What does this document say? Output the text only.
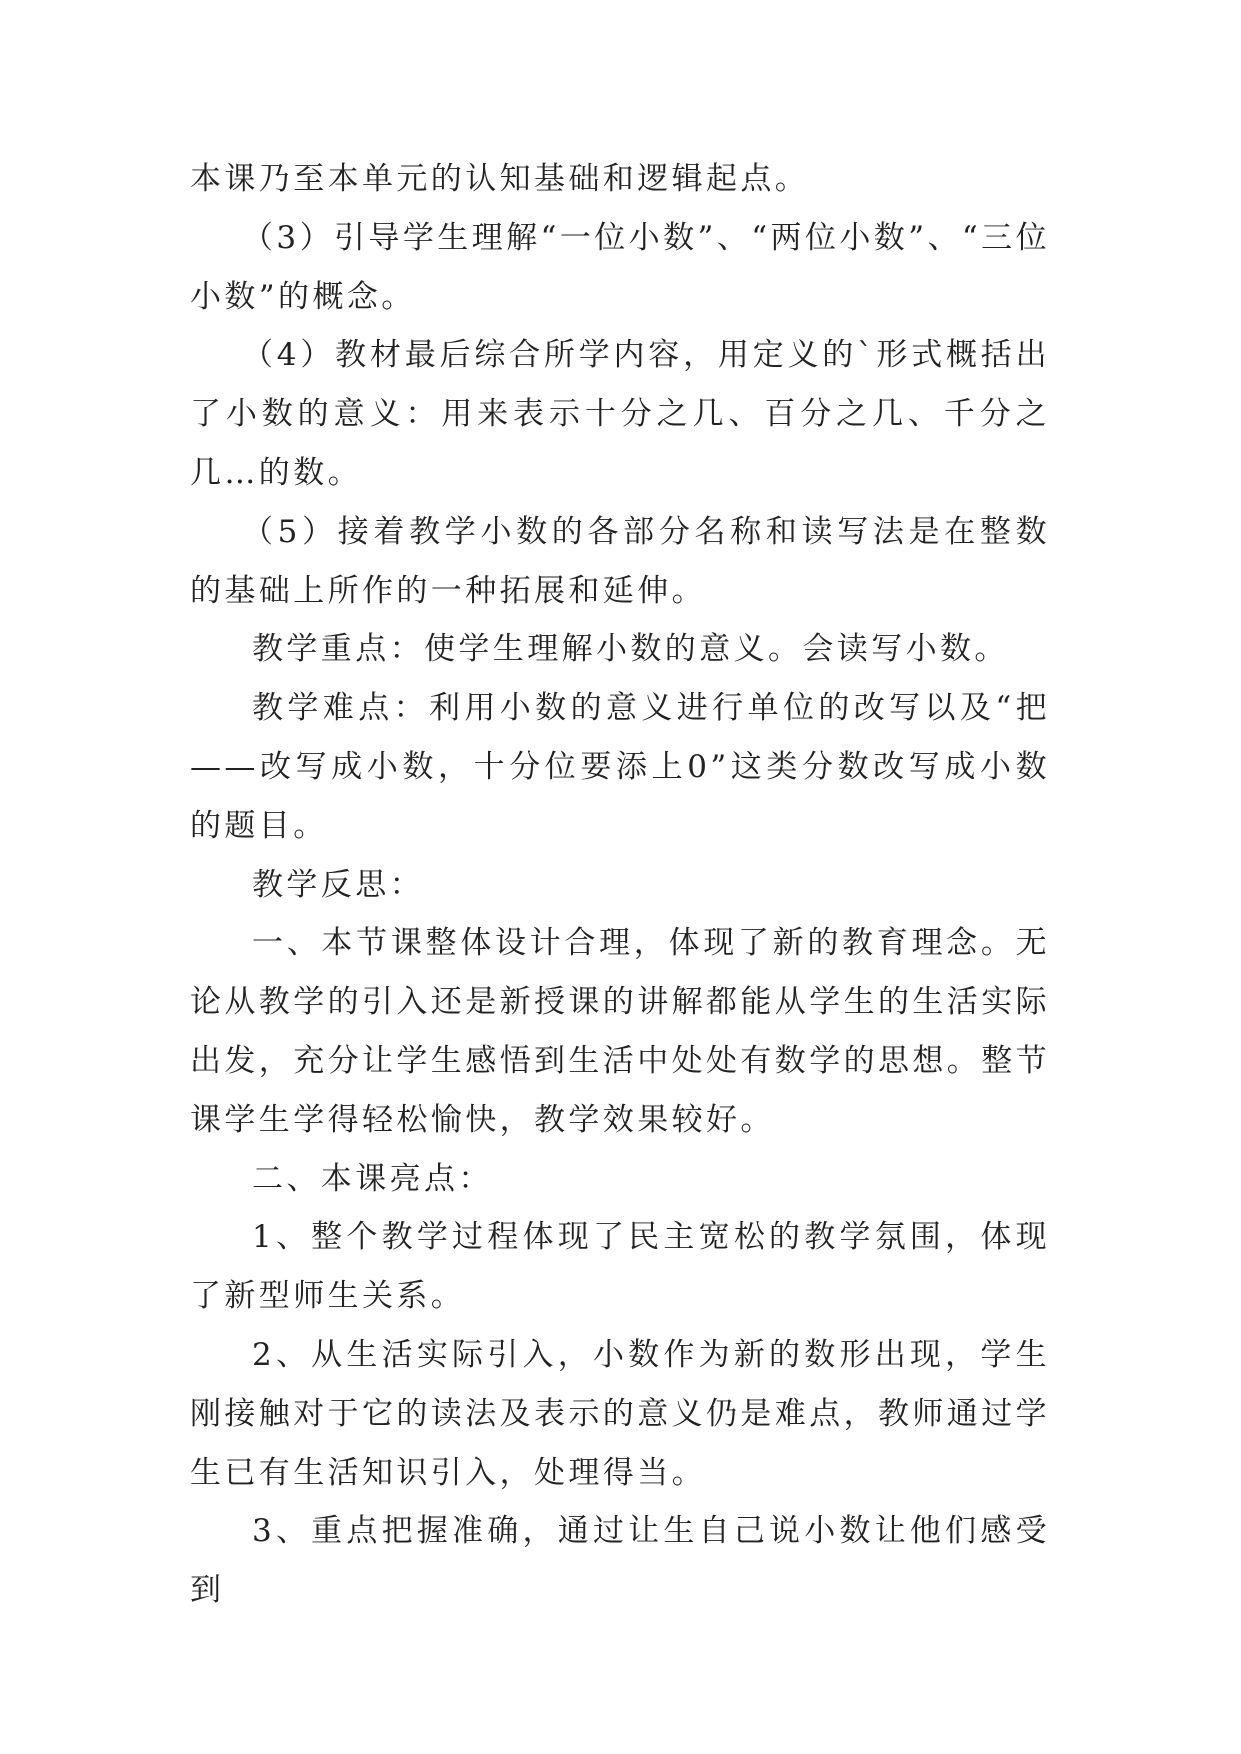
本课乃至本单元的认知基础和逻辑起点。

（3）引导学生理解“一位小数”、“两位小数”、“三位小数”的概念。

（4）教材最后综合所学内容，用定义的`形式概括出了小数的意义：用来表示十分之几、百分之几、千分之几…的数。

（5）接着教学小数的各部分名称和读写法是在整数的基础上所作的一种拓展和延伸。

教学重点：使学生理解小数的意义。会读写小数。

教学难点：利用小数的意义进行单位的改写以及“把——改写成小数，十分位要添上0”这类分数改写成小数的题目。

教学反思：

一、本节课整体设计合理，体现了新的教育理念。无论从教学的引入还是新授课的讲解都能从学生的生活实际出发，充分让学生感悟到生活中处处有数学的思想。整节课学生学得轻松愉快，教学效果较好。

二、本课亮点：

1、整个教学过程体现了民主宽松的教学氛围，体现了新型师生关系。

2、从生活实际引入，小数作为新的数形出现，学生刚接触对于它的读法及表示的意义仍是难点，教师通过学生已有生活知识引入，处理得当。

3、重点把握准确，通过让生自己说小数让他们感受到
